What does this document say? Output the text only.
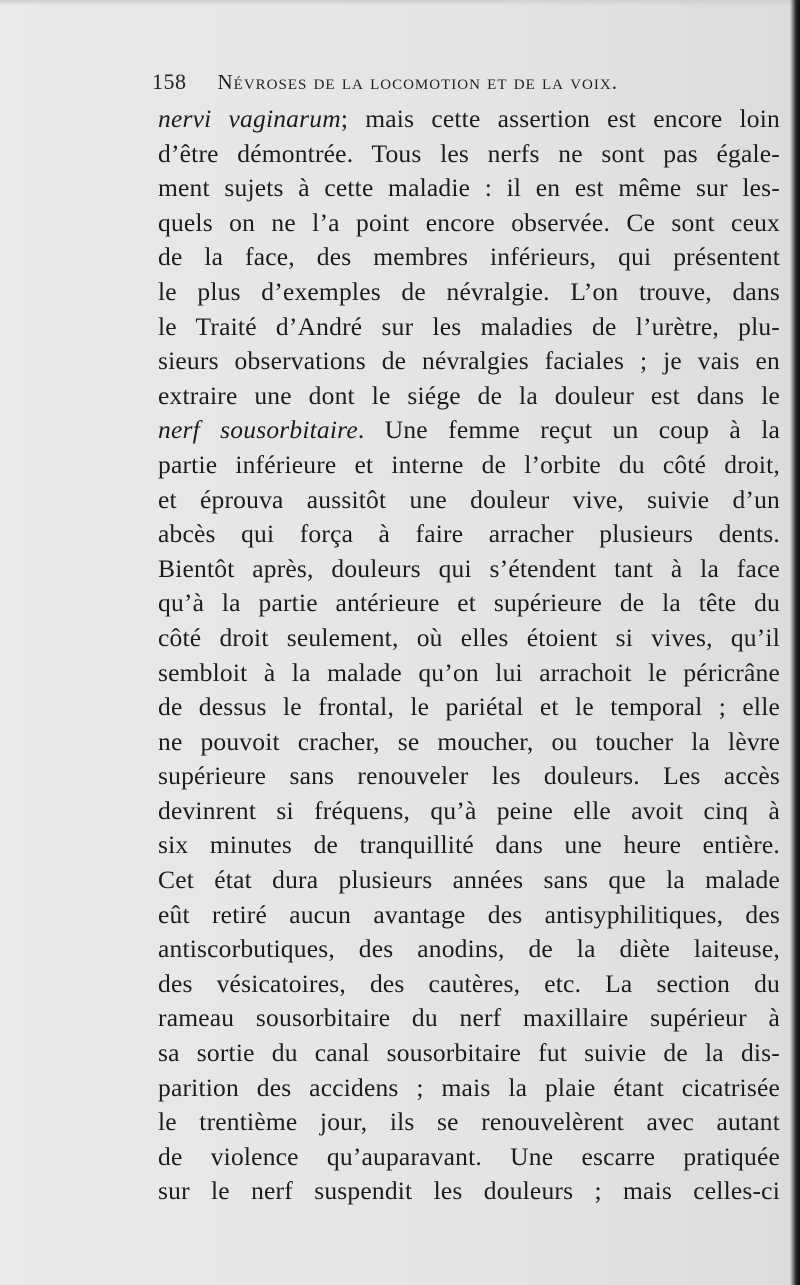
158 Névroses de la locomotion et de la voix.
nervi vaginarum; mais cette assertion est encore loin
d’être démontrée. Tous les nerfs ne sont pas égale-
ment sujets à cette maladie : il en est même sur les-
quels on ne l’a point encore observée. Ce sont ceux
de la face, des membres inférieurs, qui présentent
le plus d’exemples de névralgie. L’on trouve, dans
le Traité d’André sur les maladies de l’urètre, plu-
sieurs observations de névralgies faciales ; je vais en
extraire une dont le siége de la douleur est dans le
nerf sousorbitaire. Une femme reçut un coup à la
partie inférieure et interne de l’orbite du côté droit,
et éprouva aussitôt une douleur vive, suivie d’un
abcès qui força à faire arracher plusieurs dents.
Bientôt après, douleurs qui s’étendent tant à la face
qu’à la partie antérieure et supérieure de la tête du
côté droit seulement, où elles étoient si vives, qu’il
sembloit à la malade qu’on lui arrachoit le péricrâne
de dessus le frontal, le pariétal et le temporal ; elle
ne pouvoit cracher, se moucher, ou toucher la lèvre
supérieure sans renouveler les douleurs. Les accès
devinrent si fréquens, qu’à peine elle avoit cinq à
six minutes de tranquillité dans une heure entière.
Cet état dura plusieurs années sans que la malade
eût retiré aucun avantage des antisyphilitiques, des
antiscorbutiques, des anodins, de la diète laiteuse,
des vésicatoires, des cautères, etc. La section du
rameau sousorbitaire du nerf maxillaire supérieur à
sa sortie du canal sousorbitaire fut suivie de la dis-
parition des accidens ; mais la plaie étant cicatrisée
le trentième jour, ils se renouvelèrent avec autant
de violence qu’auparavant. Une escarre pratiquée
sur le nerf suspendit les douleurs ; mais celles-ci
